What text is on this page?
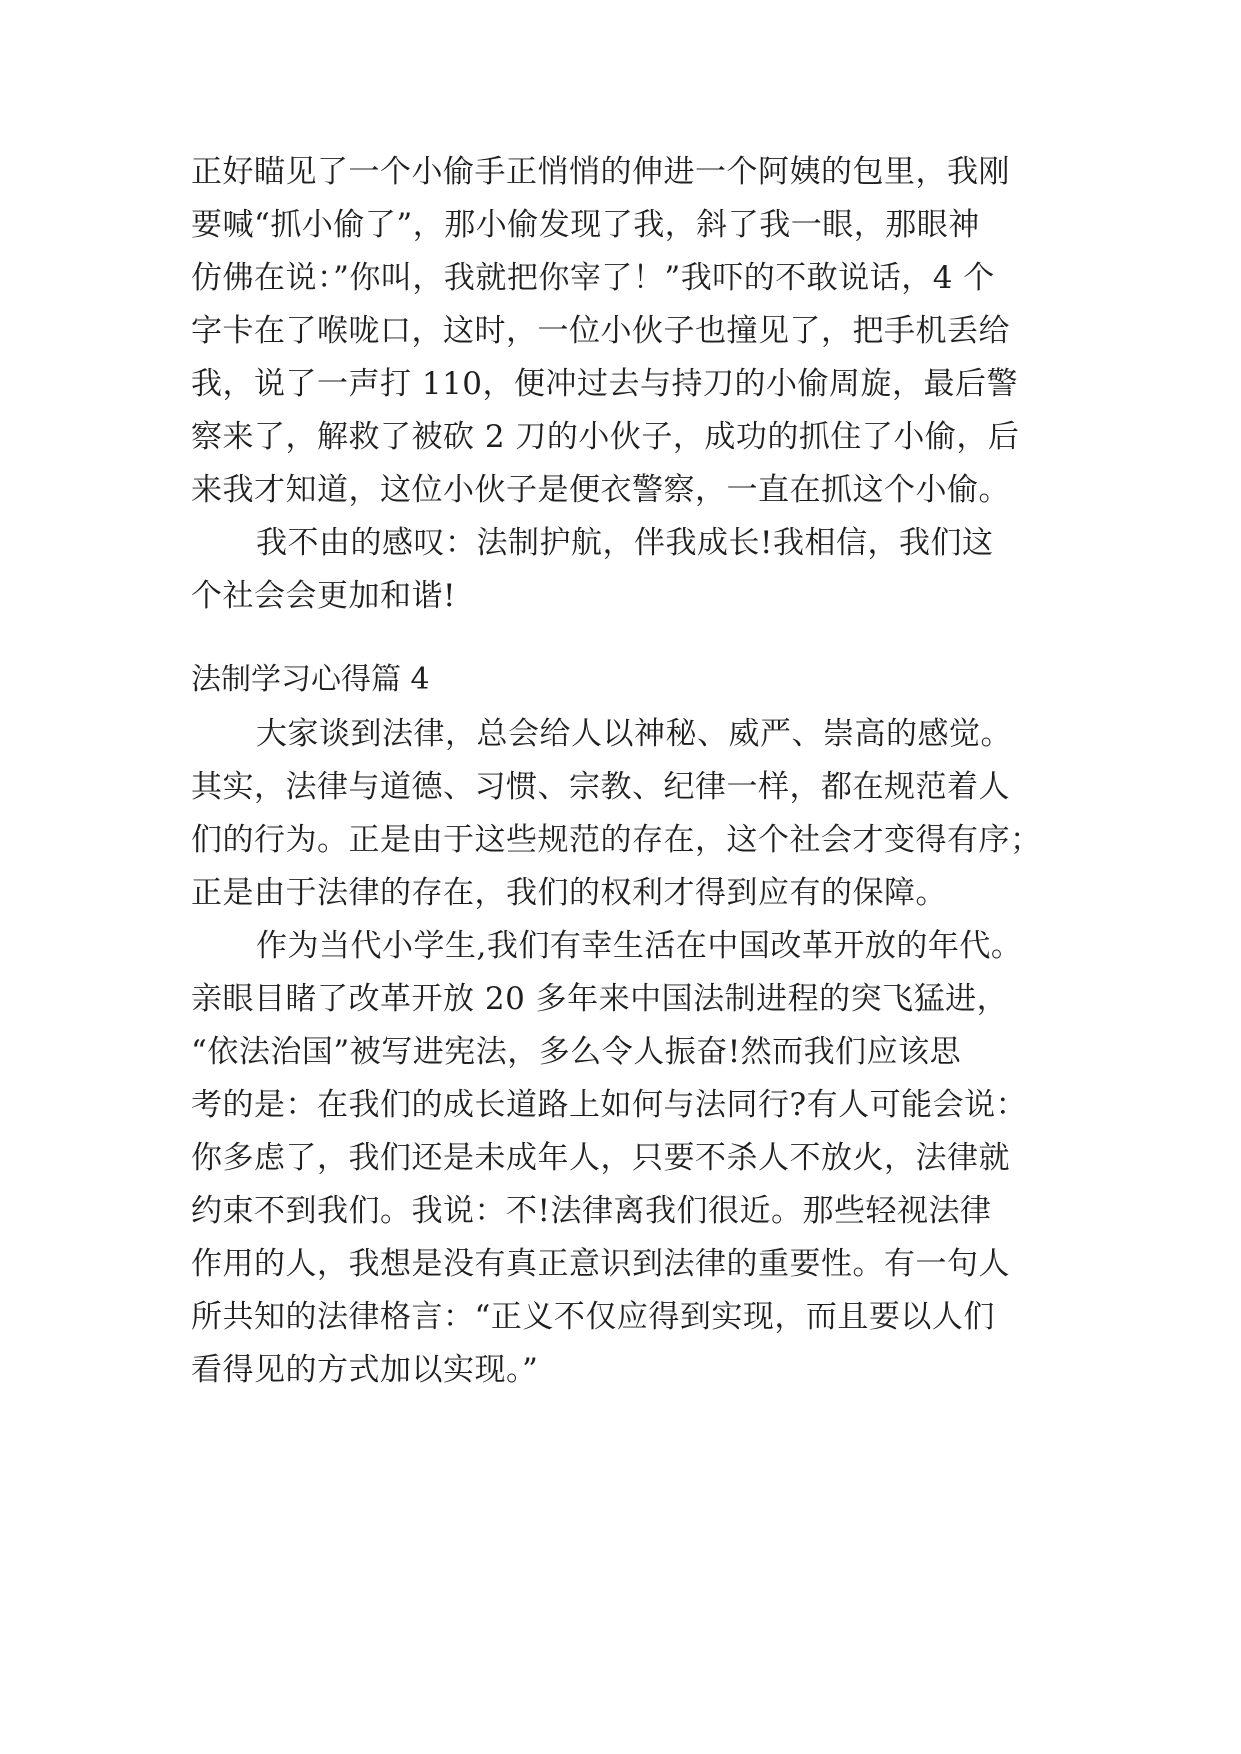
正好瞄见了一个小偷手正悄悄的伸进一个阿姨的包里，我刚
要喊“抓小偷了”，那小偷发现了我，斜了我一眼，那眼神
仿佛在说：”你叫，我就把你宰了！”我吓的不敢说话，4 个
字卡在了喉咙口，这时，一位小伙子也撞见了，把手机丢给
我，说了一声打 110，便冲过去与持刀的小偷周旋，最后警
察来了，解救了被砍 2 刀的小伙子，成功的抓住了小偷，后
来我才知道，这位小伙子是便衣警察，一直在抓这个小偷。
我不由的感叹：法制护航，伴我成长!我相信，我们这
个社会会更加和谐!
法制学习心得篇 4
大家谈到法律，总会给人以神秘、威严、崇高的感觉。
其实，法律与道德、习惯、宗教、纪律一样，都在规范着人
们的行为。正是由于这些规范的存在，这个社会才变得有序；
正是由于法律的存在，我们的权利才得到应有的保障。
作为当代小学生,我们有幸生活在中国改革开放的年代。
亲眼目睹了改革开放 20 多年来中国法制进程的突飞猛进，
“依法治国”被写进宪法，多么令人振奋!然而我们应该思
考的是：在我们的成长道路上如何与法同行?有人可能会说：
你多虑了，我们还是未成年人，只要不杀人不放火，法律就
约束不到我们。我说：不!法律离我们很近。那些轻视法律
作用的人，我想是没有真正意识到法律的重要性。有一句人
所共知的法律格言：“正义不仅应得到实现，而且要以人们
看得见的方式加以实现。”
